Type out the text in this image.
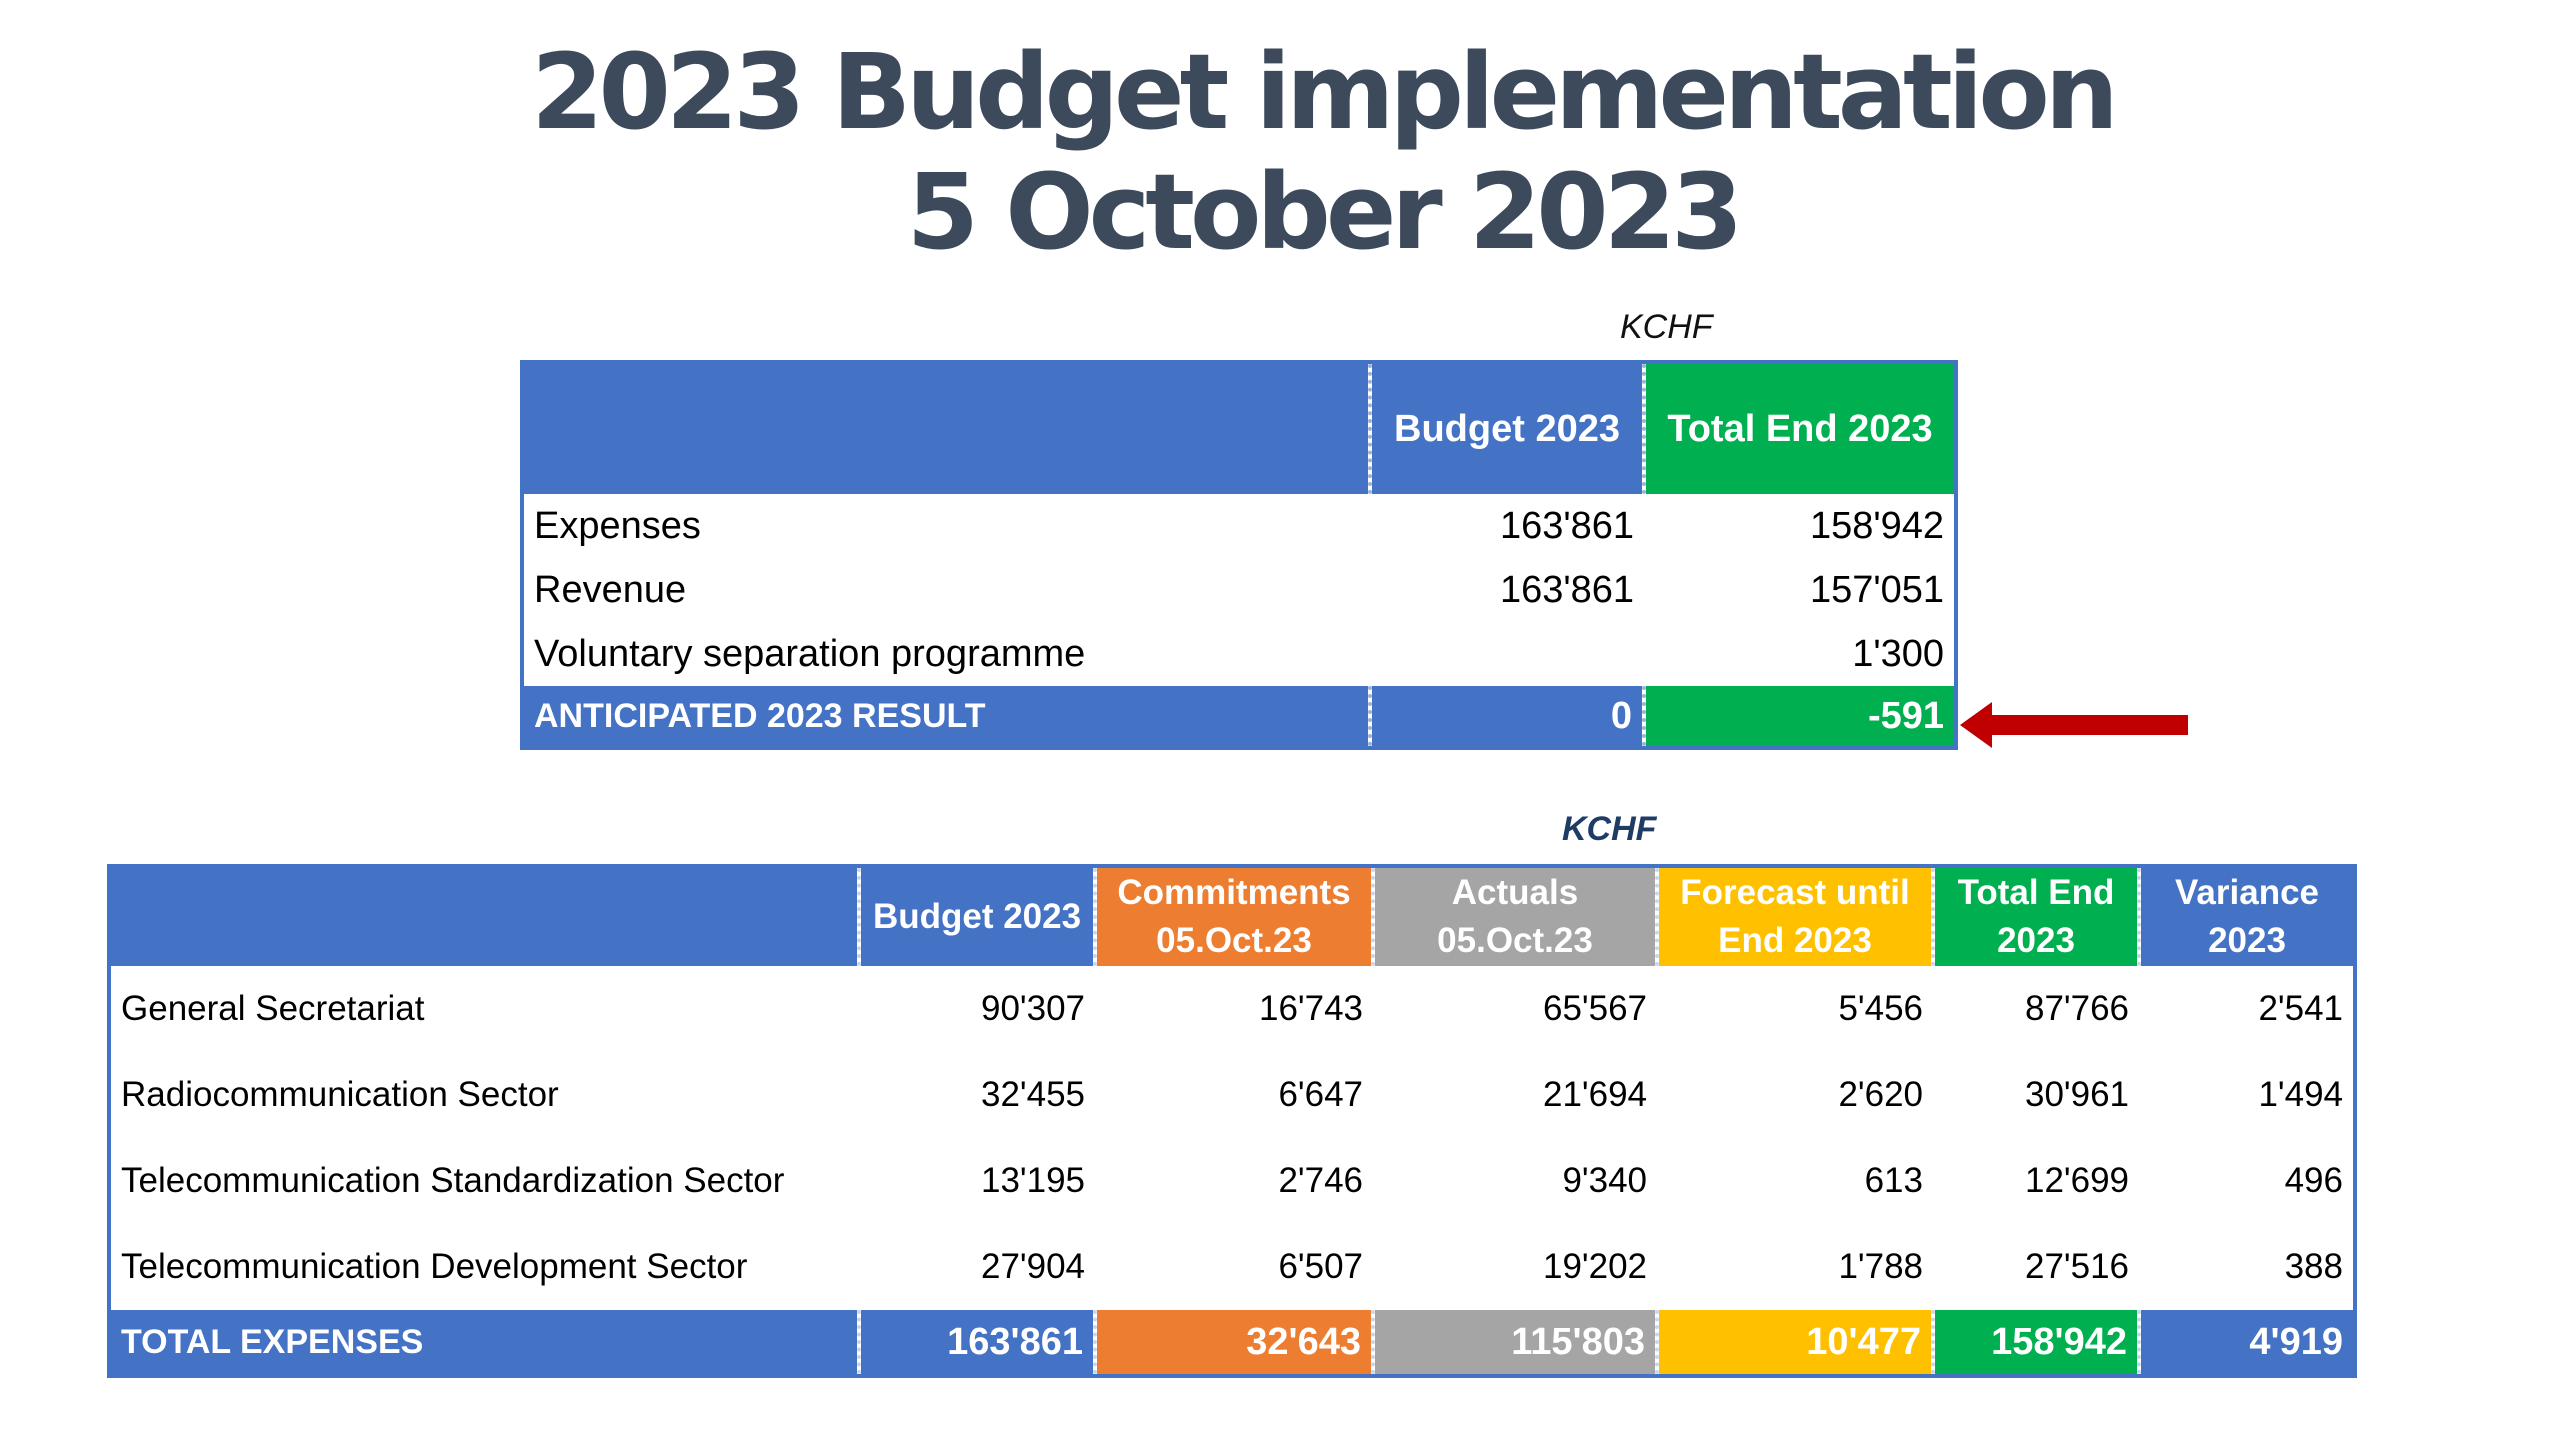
2023 Budget implementation
5 October 2023
KCHF
	Budget 2023	Total End 2023
Expenses	163'861	158'942
Revenue	163'861	157'051
Voluntary separation programme		1'300
ANTICIPATED 2023 RESULT	0	-591
KCHF
	Budget 2023	Commitments 05.Oct.23	Actuals 05.Oct.23	Forecast until End 2023	Total End 2023	Variance 2023
General Secretariat	90'307	16'743	65'567	5'456	87'766	2'541
Radiocommunication Sector	32'455	6'647	21'694	2'620	30'961	1'494
Telecommunication Standardization Sector	13'195	2'746	9'340	613	12'699	496
Telecommunication Development Sector	27'904	6'507	19'202	1'788	27'516	388
TOTAL EXPENSES	163'861	32'643	115'803	10'477	158'942	4'919
